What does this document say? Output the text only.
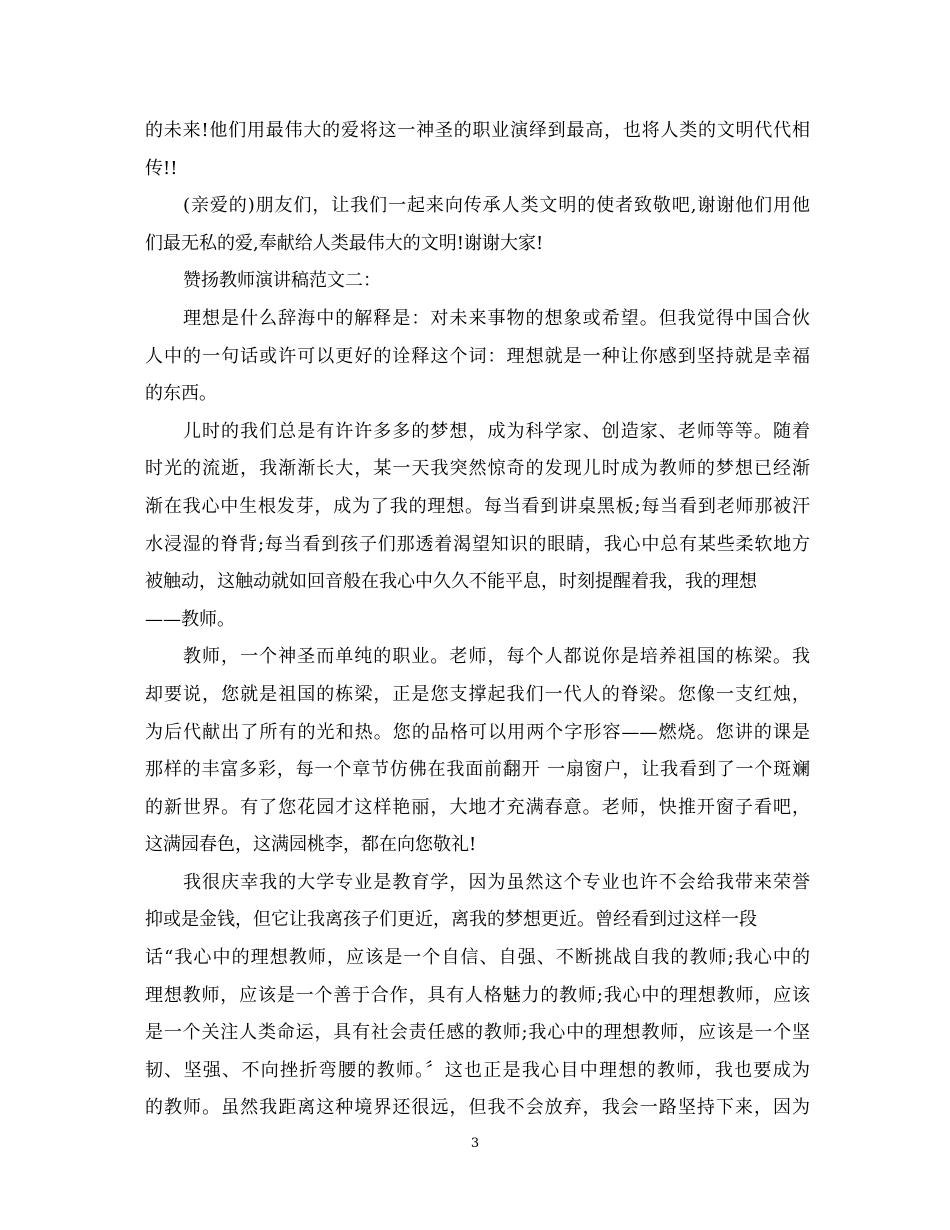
的未来!他们用最伟大的爱将这一神圣的职业演绎到最高，也将人类的文明代代相
传!!
(亲爱的)朋友们，让我们一起来向传承人类文明的使者致敬吧,谢谢他们用他
们最无私的爱,奉献给人类最伟大的文明!谢谢大家!
赞扬教师演讲稿范文二：
理想是什么辞海中的解释是：对未来事物的想象或希望。但我觉得中国合伙
人中的一句话或许可以更好的诠释这个词：理想就是一种让你感到坚持就是幸福
的东西。
儿时的我们总是有许许多多的梦想，成为科学家、创造家、老师等等。随着
时光的流逝，我渐渐长大，某一天我突然惊奇的发现儿时成为教师的梦想已经渐
渐在我心中生根发芽，成为了我的理想。每当看到讲桌黑板;每当看到老师那被汗
水浸湿的脊背;每当看到孩子们那透着渴望知识的眼睛，我心中总有某些柔软地方
被触动，这触动就如回音般在我心中久久不能平息，时刻提醒着我，我的理想
——教师。
教师，一个神圣而单纯的职业。老师，每个人都说你是培养祖国的栋梁。我
却要说，您就是祖国的栋梁，正是您支撑起我们一代人的脊梁。您像一支红烛，
为后代献出了所有的光和热。您的品格可以用两个字形容——燃烧。您讲的课是
那样的丰富多彩，每一个章节仿佛在我面前翻开 一扇窗户，让我看到了一个斑斓
的新世界。有了您花园才这样艳丽，大地才充满春意。老师，快推开窗子看吧，
这满园春色，这满园桃李，都在向您敬礼!
我很庆幸我的大学专业是教育学，因为虽然这个专业也许不会给我带来荣誉
抑或是金钱，但它让我离孩子们更近，离我的梦想更近。曾经看到过这样一段
话“我心中的理想教师，应该是一个自信、自强、不断挑战自我的教师;我心中的
理想教师，应该是一个善于合作，具有人格魅力的教师;我心中的理想教师，应该
是一个关注人类命运，具有社会责任感的教师;我心中的理想教师，应该是一个坚
韧、坚强、不向挫折弯腰的教师。〞这也正是我心目中理想的教师，我也要成为
的教师。虽然我距离这种境界还很远，但我不会放弃，我会一路坚持下来，因为
3
